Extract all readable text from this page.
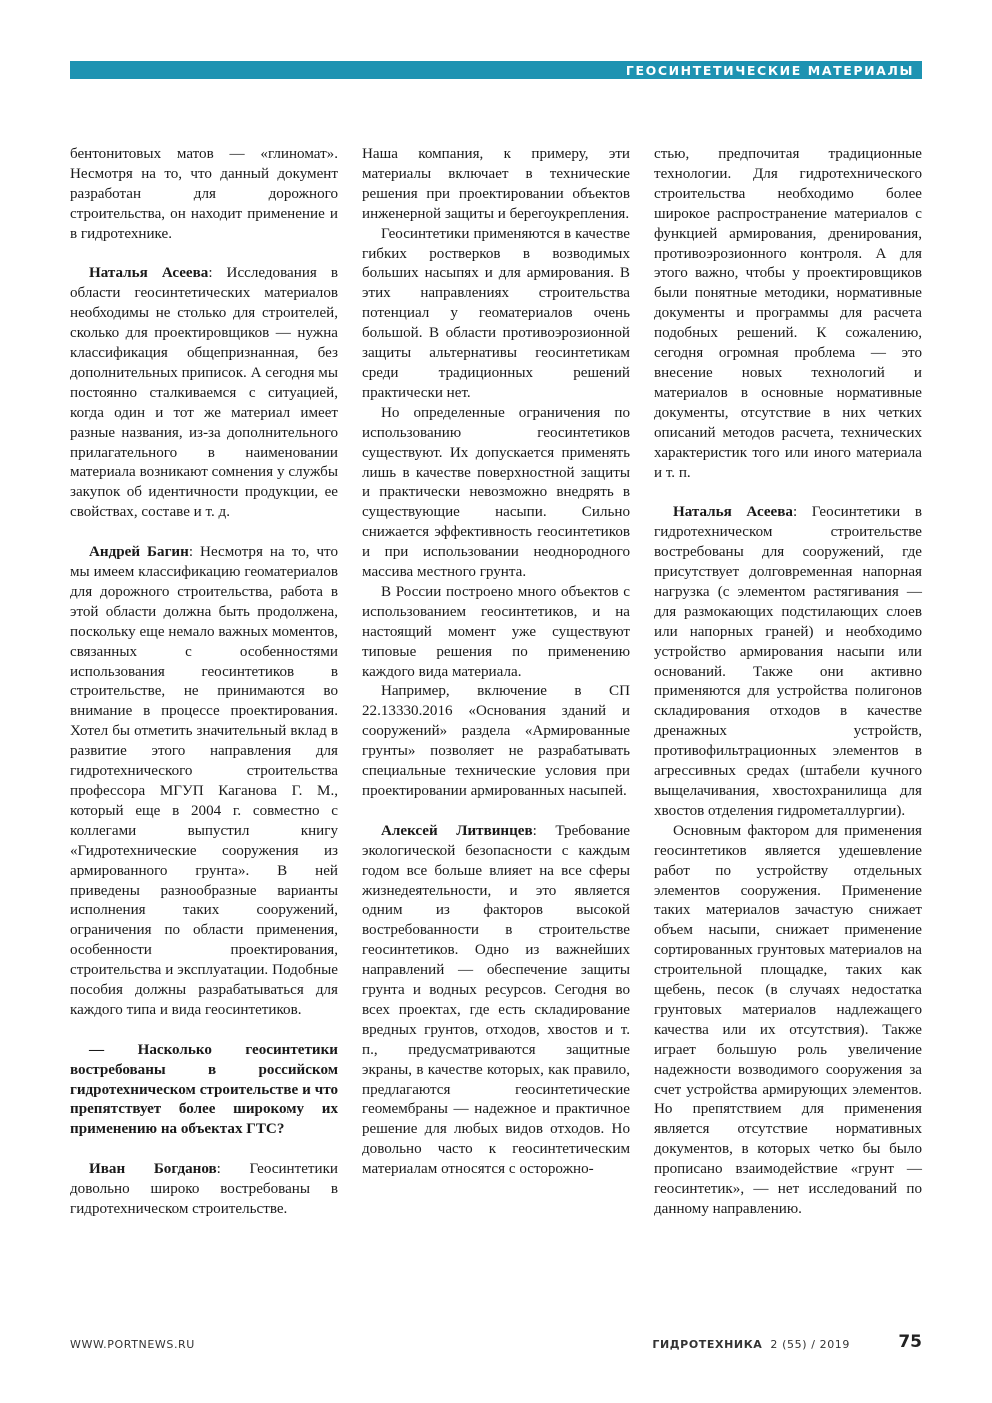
ГЕОСИНТЕТИЧЕСКИЕ МАТЕРИАЛЫ

бентонитовых матов — «глиномат». Несмотря на то, что данный документ разработан для дорожного строительства, он находит применение и в гидротехнике.

Наталья Асеева: Исследования в области геосинтетических материалов необходимы не столько для строителей, сколько для проектировщиков — нужна классификация общепризнанная, без дополнительных приписок. А сегодня мы постоянно сталкиваемся с ситуацией, когда один и тот же материал имеет разные названия, из-за дополнительного прилагательного в наименовании материала возникают сомнения у службы закупок об идентичности продукции, ее свойствах, составе и т. д.

Андрей Багин: Несмотря на то, что мы имеем классификацию геоматериалов для дорожного строительства, работа в этой области должна быть продолжена, поскольку еще немало важных моментов, связанных с особенностями использования геосинтетиков в строительстве, не принимаются во внимание в процессе проектирования. Хотел бы отметить значительный вклад в развитие этого направления для гидротехнического строительства профессора МГУП Каганова Г. М., который еще в 2004 г. совместно с коллегами выпустил книгу «Гидротехнические сооружения из армированного грунта». В ней приведены разнообразные варианты исполнения таких сооружений, ограничения по области применения, особенности проектирования, строительства и эксплуатации. Подобные пособия должны разрабатываться для каждого типа и вида геосинтетиков.

— Насколько геосинтетики востребованы в российском гидротехническом строительстве и что препятствует более широкому их применению на объектах ГТС?

Иван Богданов: Геосинтетики довольно широко востребованы в гидротехническом строительстве.

Наша компания, к примеру, эти материалы включает в технические решения при проектировании объектов инженерной защиты и берегоукрепления.

Геосинтетики применяются в качестве гибких ростверков в возводимых больших насыпях и для армирования. В этих направлениях строительства потенциал у геоматериалов очень большой. В области противоэрозионной защиты альтернативы геосинтетикам среди традиционных решений практически нет.

Но определенные ограничения по использованию геосинтетиков существуют. Их допускается применять лишь в качестве поверхностной защиты и практически невозможно внедрять в существующие насыпи. Сильно снижается эффективность геосинтетиков и при использовании неоднородного массива местного грунта.

В России построено много объектов с использованием геосинтетиков, и на настоящий момент уже существуют типовые решения по применению каждого вида материала.

Например, включение в СП 22.13330.2016 «Основания зданий и сооружений» раздела «Армированные грунты» позволяет не разрабатывать специальные технические условия при проектировании армированных насыпей.

Алексей Литвинцев: Требование экологической безопасности с каждым годом все больше влияет на все сферы жизнедеятельности, и это является одним из факторов высокой востребованности в строительстве геосинтетиков. Одно из важнейших направлений — обеспечение защиты грунта и водных ресурсов. Сегодня во всех проектах, где есть складирование вредных грунтов, отходов, хвостов и т. п., предусматриваются защитные экраны, в качестве которых, как правило, предлагаются геосинтетические геомембраны — надежное и практичное решение для любых видов отходов. Но довольно часто к геосинтетическим материалам относятся с осторожно-

стью, предпочитая традиционные технологии. Для гидротехнического строительства необходимо более широкое распространение материалов с функцией армирования, дренирования, противоэрозионного контроля. А для этого важно, чтобы у проектировщиков были понятные методики, нормативные документы и программы для расчета подобных решений. К сожалению, сегодня огромная проблема — это внесение новых технологий и материалов в основные нормативные документы, отсутствие в них четких описаний методов расчета, технических характеристик того или иного материала и т. п.

Наталья Асеева: Геосинтетики в гидротехническом строительстве востребованы для сооружений, где присутствует долговременная напорная нагрузка (с элементом растягивания — для размокающих подстилающих слоев или напорных граней) и необходимо устройство армирования насыпи или оснований. Также они активно применяются для устройства полигонов складирования отходов в качестве дренажных устройств, противофильтрационных элементов в агрессивных средах (штабели кучного выщелачивания, хвостохранилища для хвостов отделения гидрометаллургии).

Основным фактором для применения геосинтетиков является удешевление работ по устройству отдельных элементов сооружения. Применение таких материалов зачастую снижает объем насыпи, снижает применение сортированных грунтовых материалов на строительной площадке, таких как щебень, песок (в случаях недостатка грунтовых материалов надлежащего качества или их отсутствия). Также играет большую роль увеличение надежности возводимого сооружения за счет устройства армирующих элементов. Но препятствием для применения является отсутствие нормативных документов, в которых четко бы было прописано взаимодействие «грунт — геосинтетик», — нет исследований по данному направлению.

WWW.PORTNEWS.RU	ГИДРОТЕХНИКА 2 (55) / 2019	75
